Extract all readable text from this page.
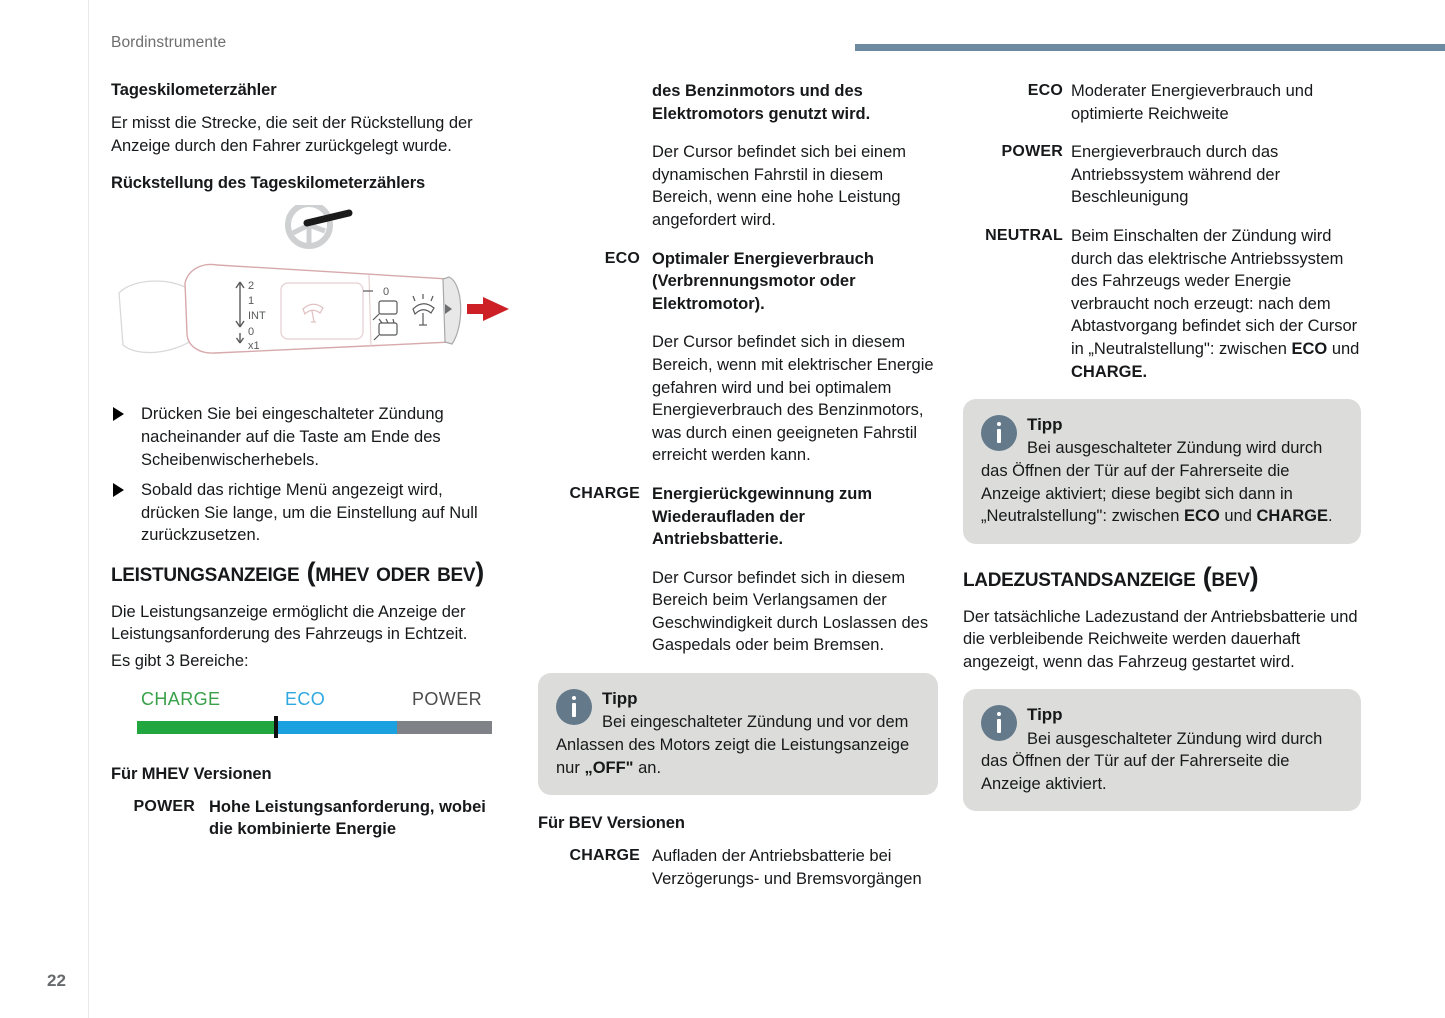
Bordinstrumente
Tageskilometerzähler

Er misst die Strecke, die seit der Rückstellung der Anzeige durch den Fahrer zurückgelegt wurde.

Rückstellung des Tageskilometerzählers
2
1
INT
0
x1
0
Drücken Sie bei eingeschalteter Zündung nacheinander auf die Taste am Ende des Scheibenwischerhebels.
Sobald das richtige Menü angezeigt wird, drücken Sie lange, um die Einstellung auf Null zurückzusetzen.
leistungsanzeige (mhev oder bev)

Die Leistungsanzeige ermöglicht die Anzeige der Leistungsanforderung des Fahrzeugs in Echtzeit.

Es gibt 3 Bereiche:

CHARGE	ECO	POWER
Für MHEV Versionen
POWER Hohe Leistungsanforderung, wobei die kombinierte Energie
des Benzinmotors und des Elektromotors genutzt wird.
Der Cursor befindet sich bei einem dynamischen Fahrstil in diesem Bereich, wenn eine hohe Leistung angefordert wird.
ECO Optimaler Energieverbrauch (Verbrennungsmotor oder Elektromotor).
Der Cursor befindet sich in diesem Bereich, wenn mit elektrischer Energie gefahren wird und bei optimalem Energieverbrauch des Benzinmotors, was durch einen geeigneten Fahrstil erreicht werden kann.
CHARGE Energierückgewinnung zum Wiederaufladen der Antriebsbatterie.
Der Cursor befindet sich in diesem Bereich beim Verlangsamen der Geschwindigkeit durch Loslassen des Gaspedals oder beim Bremsen.
Tipp
Bei eingeschalteter Zündung und vor dem Anlassen des Motors zeigt die Leistungsanzeige nur „OFF" an.
Für BEV Versionen
CHARGE Aufladen der Antriebsbatterie bei Verzögerungs- und Bremsvorgängen
ECO Moderater Energieverbrauch und optimierte Reichweite
POWER Energieverbrauch durch das Antriebssystem während der Beschleunigung
NEUTRAL Beim Einschalten der Zündung wird durch das elektrische Antriebssystem des Fahrzeugs weder Energie verbraucht noch erzeugt: nach dem Abtastvorgang befindet sich der Cursor in „Neutralstellung": zwischen ECO und CHARGE.
Tipp
Bei ausgeschalteter Zündung wird durch das Öffnen der Tür auf der Fahrerseite die Anzeige aktiviert; diese begibt sich dann in „Neutralstellung": zwischen ECO und CHARGE.
ladezustandsanzeige (bev)

Der tatsächliche Ladezustand der Antriebsbatterie und die verbleibende Reichweite werden dauerhaft angezeigt, wenn das Fahrzeug gestartet wird.

Tipp
Bei ausgeschalteter Zündung wird durch das Öffnen der Tür auf der Fahrerseite die Anzeige aktiviert.
22
